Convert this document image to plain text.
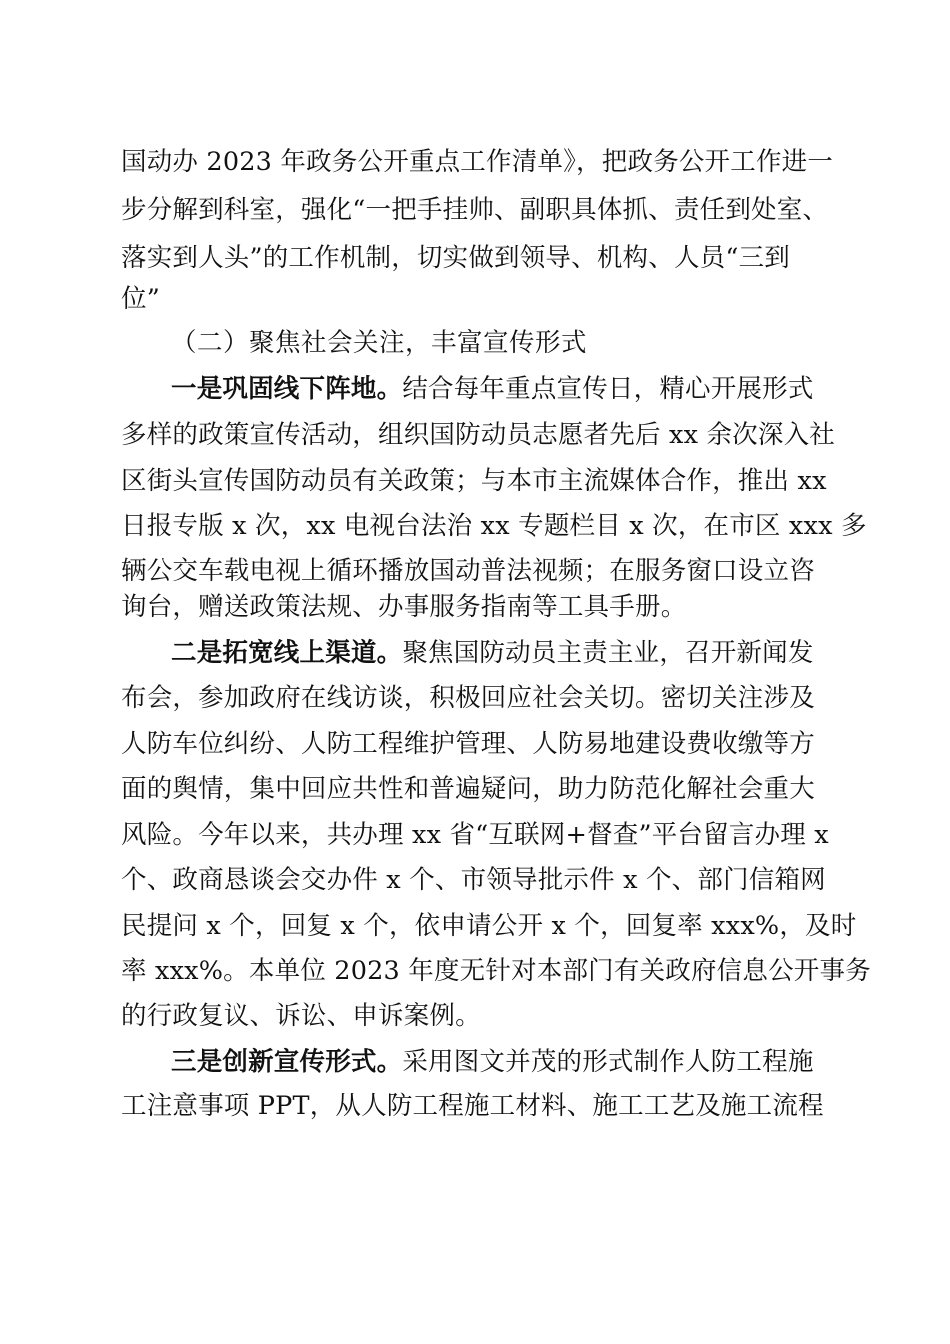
国动办 2023 年政务公开重点工作清单》，把政务公开工作进一
步分解到科室，强化“一把手挂帅、副职具体抓、责任到处室、
落实到人头”的工作机制，切实做到领导、机构、人员“三到
位”
（二）聚焦社会关注，丰富宣传形式
一是巩固线下阵地。结合每年重点宣传日，精心开展形式
多样的政策宣传活动，组织国防动员志愿者先后 xx 余次深入社
区街头宣传国防动员有关政策；与本市主流媒体合作，推出 xx
日报专版 x 次，xx 电视台法治 xx 专题栏目 x 次，在市区 xxx 多
辆公交车载电视上循环播放国动普法视频；在服务窗口设立咨
询台，赠送政策法规、办事服务指南等工具手册。
二是拓宽线上渠道。聚焦国防动员主责主业，召开新闻发
布会，参加政府在线访谈，积极回应社会关切。密切关注涉及
人防车位纠纷、人防工程维护管理、人防易地建设费收缴等方
面的舆情，集中回应共性和普遍疑问，助力防范化解社会重大
风险。今年以来，共办理 xx 省“互联网+督查”平台留言办理 x
个、政商恳谈会交办件 x 个、市领导批示件 x 个、部门信箱网
民提问 x 个，回复 x 个，依申请公开 x 个，回复率 xxx%，及时
率 xxx%。本单位 2023 年度无针对本部门有关政府信息公开事务
的行政复议、诉讼、申诉案例。
三是创新宣传形式。采用图文并茂的形式制作人防工程施
工注意事项 PPT，从人防工程施工材料、施工工艺及施工流程
